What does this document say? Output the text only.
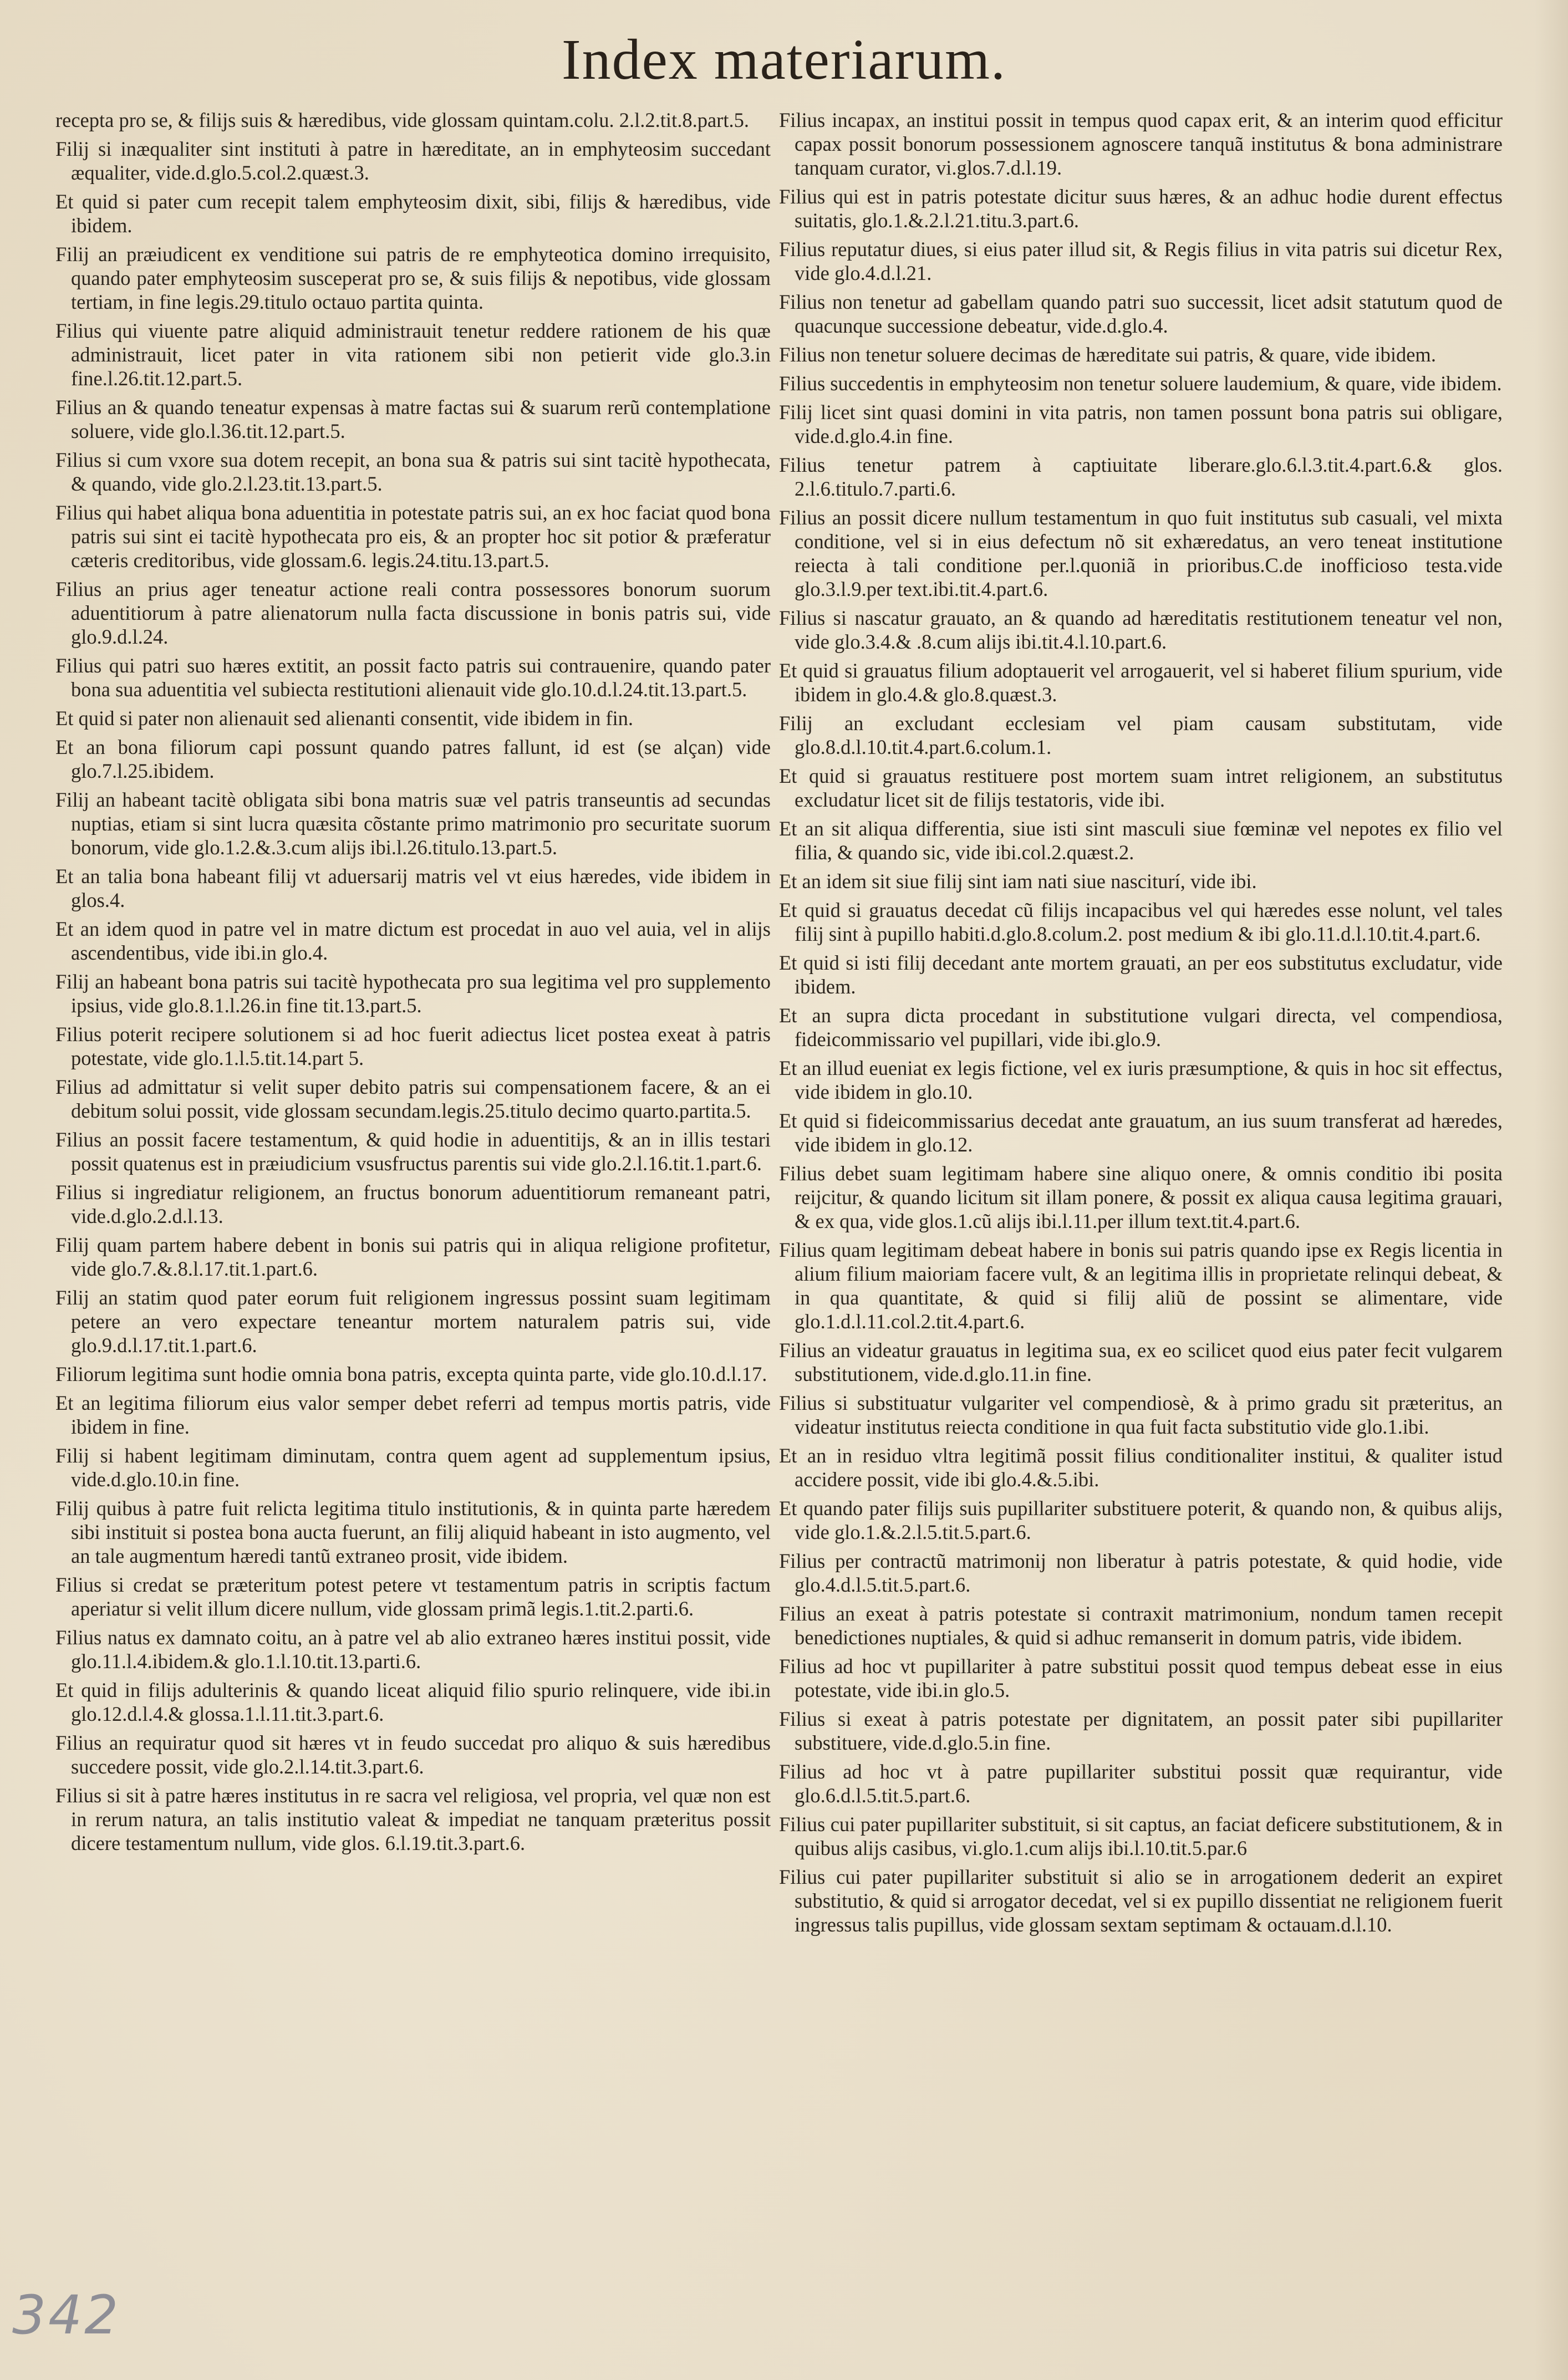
Index materiarum.

recepta pro se, & filijs suis & hæredibus, vide glossam quintam.colu. 2.l.2.tit.8.part.5.

Filij si inæqualiter sint instituti à patre in hæreditate, an in emphyteosim succedant æqualiter, vide.d.glo.5.col.2.quæst.3.

Et quid si pater cum recepit talem emphyteosim dixit, sibi, filijs & hæredibus, vide ibidem.

Filij an præiudicent ex venditione sui patris de re emphyteotica domino irrequisito, quando pater emphyteosim susceperat pro se, & suis filijs & nepotibus, vide glossam tertiam, in fine legis.29.titulo octauo partita quinta.

Filius qui viuente patre aliquid administrauit tenetur reddere rationem de his quæ administrauit, licet pater in vita rationem sibi non petierit vide glo.3.in fine.l.26.tit.12.part.5.

Filius an & quando teneatur expensas à matre factas sui & suarum rerũ contemplatione soluere, vide glo.l.36.tit.12.part.5.

Filius si cum vxore sua dotem recepit, an bona sua & patris sui sint tacitè hypothecata, & quando, vide glo.2.l.23.tit.13.part.5.

Filius qui habet aliqua bona aduentitia in potestate patris sui, an ex hoc faciat quod bona patris sui sint ei tacitè hypothecata pro eis, & an propter hoc sit potior & præferatur cæteris creditoribus, vide glossam.6. legis.24.titu.13.part.5.

Filius an prius ager teneatur actione reali contra possessores bonorum suorum aduentitiorum à patre alienatorum nulla facta discussione in bonis patris sui, vide glo.9.d.l.24.

Filius qui patri suo hæres extitit, an possit facto patris sui contrauenire, quando pater bona sua aduentitia vel subiecta restitutioni alienauit vide glo.10.d.l.24.tit.13.part.5.

Et quid si pater non alienauit sed alienanti consentit, vide ibidem in fin.

Et an bona filiorum capi possunt quando patres fallunt, id est (se alçan) vide glo.7.l.25.ibidem.

Filij an habeant tacitè obligata sibi bona matris suæ vel patris transeuntis ad secundas nuptias, etiam si sint lucra quæsita cõstante primo matrimonio pro securitate suorum bonorum, vide glo.1.2.&.3.cum alijs ibi.l.26.titulo.13.part.5.

Et an talia bona habeant filij vt aduersarij matris vel vt eius hæredes, vide ibidem in glos.4.

Et an idem quod in patre vel in matre dictum est procedat in auo vel auia, vel in alijs ascendentibus, vide ibi.in glo.4.

Filij an habeant bona patris sui tacitè hypothecata pro sua legitima vel pro supplemento ipsius, vide glo.8.1.l.26.in fine tit.13.part.5.

Filius poterit recipere solutionem si ad hoc fuerit adiectus licet postea exeat à patris potestate, vide glo.1.l.5.tit.14.part 5.

Filius ad admittatur si velit super debito patris sui compensationem facere, & an ei debitum solui possit, vide glossam secundam.legis.25.titulo decimo quarto.partita.5.

Filius an possit facere testamentum, & quid hodie in aduentitijs, & an in illis testari possit quatenus est in præiudicium vsusfructus parentis sui vide glo.2.l.16.tit.1.part.6.

Filius si ingrediatur religionem, an fructus bonorum aduentitiorum remaneant patri, vide.d.glo.2.d.l.13.

Filij quam partem habere debent in bonis sui patris qui in aliqua religione profitetur, vide glo.7.&.8.l.17.tit.1.part.6.

Filij an statim quod pater eorum fuit religionem ingressus possint suam legitimam petere an vero expectare teneantur mortem naturalem patris sui, vide glo.9.d.l.17.tit.1.part.6.

Filiorum legitima sunt hodie omnia bona patris, excepta quinta parte, vide glo.10.d.l.17.

Et an legitima filiorum eius valor semper debet referri ad tempus mortis patris, vide ibidem in fine.

Filij si habent legitimam diminutam, contra quem agent ad supplementum ipsius, vide.d.glo.10.in fine.

Filij quibus à patre fuit relicta legitima titulo institutionis, & in quinta parte hæredem sibi instituit si postea bona aucta fuerunt, an filij aliquid habeant in isto augmento, vel an tale augmentum hæredi tantũ extraneo prosit, vide ibidem.

Filius si credat se præteritum potest petere vt testamentum patris in scriptis factum aperiatur si velit illum dicere nullum, vide glossam primã legis.1.tit.2.parti.6.

Filius natus ex damnato coitu, an à patre vel ab alio extraneo hæres institui possit, vide glo.11.l.4.ibidem.& glo.1.l.10.tit.13.parti.6.

Et quid in filijs adulterinis & quando liceat aliquid filio spurio relinquere, vide ibi.in glo.12.d.l.4.& glossa.1.l.11.tit.3.part.6.

Filius an requiratur quod sit hæres vt in feudo succedat pro aliquo & suis hæredibus succedere possit, vide glo.2.l.14.tit.3.part.6.

Filius si sit à patre hæres institutus in re sacra vel religiosa, vel propria, vel quæ non est in rerum natura, an talis institutio valeat & impediat ne tanquam præteritus possit dicere testamentum nullum, vide glos. 6.l.19.tit.3.part.6.

Filius incapax, an institui possit in tempus quod capax erit, & an interim quod efficitur capax possit bonorum possessionem agnoscere tanquã institutus & bona administrare tanquam curator, vi.glos.7.d.l.19.

Filius qui est in patris potestate dicitur suus hæres, & an adhuc hodie durent effectus suitatis, glo.1.&.2.l.21.titu.3.part.6.

Filius reputatur diues, si eius pater illud sit, & Regis filius in vita patris sui dicetur Rex, vide glo.4.d.l.21.

Filius non tenetur ad gabellam quando patri suo successit, licet adsit statutum quod de quacunque successione debeatur, vide.d.glo.4.

Filius non tenetur soluere decimas de hæreditate sui patris, & quare, vide ibidem.

Filius succedentis in emphyteosim non tenetur soluere laudemium, & quare, vide ibidem.

Filij licet sint quasi domini in vita patris, non tamen possunt bona patris sui obligare, vide.d.glo.4.in fine.

Filius tenetur patrem à captiuitate liberare.glo.6.l.3.tit.4.part.6.& glos. 2.l.6.titulo.7.parti.6.

Filius an possit dicere nullum testamentum in quo fuit institutus sub casuali, vel mixta conditione, vel si in eius defectum nõ sit exhæredatus, an vero teneat institutione reiecta à tali conditione per.l.quoniã in prioribus.C.de inofficioso testa.vide glo.3.l.9.per text.ibi.tit.4.part.6.

Filius si nascatur grauato, an & quando ad hæreditatis restitutionem teneatur vel non, vide glo.3.4.& .8.cum alijs ibi.tit.4.l.10.part.6.

Et quid si grauatus filium adoptauerit vel arrogauerit, vel si haberet filium spurium, vide ibidem in glo.4.& glo.8.quæst.3.

Filij an excludant ecclesiam vel piam causam substitutam, vide glo.8.d.l.10.tit.4.part.6.colum.1.

Et quid si grauatus restituere post mortem suam intret religionem, an substitutus excludatur licet sit de filijs testatoris, vide ibi.

Et an sit aliqua differentia, siue isti sint masculi siue fœminæ vel nepotes ex filio vel filia, & quando sic, vide ibi.col.2.quæst.2.

Et an idem sit siue filij sint iam nati siue nasciturí, vide ibi.

Et quid si grauatus decedat cũ filijs incapacibus vel qui hæredes esse nolunt, vel tales filij sint à pupillo habiti.d.glo.8.colum.2. post medium & ibi glo.11.d.l.10.tit.4.part.6.

Et quid si isti filij decedant ante mortem grauati, an per eos substitutus excludatur, vide ibidem.

Et an supra dicta procedant in substitutione vulgari directa, vel compendiosa, fideicommissario vel pupillari, vide ibi.glo.9.

Et an illud eueniat ex legis fictione, vel ex iuris præsumptione, & quis in hoc sit effectus, vide ibidem in glo.10.

Et quid si fideicommissarius decedat ante grauatum, an ius suum transferat ad hæredes, vide ibidem in glo.12.

Filius debet suam legitimam habere sine aliquo onere, & omnis conditio ibi posita reijcitur, & quando licitum sit illam ponere, & possit ex aliqua causa legitima grauari, & ex qua, vide glos.1.cũ alijs ibi.l.11.per illum text.tit.4.part.6.

Filius quam legitimam debeat habere in bonis sui patris quando ipse ex Regis licentia in alium filium maioriam facere vult, & an legitima illis in proprietate relinqui debeat, & in qua quantitate, & quid si filij aliũ de possint se alimentare, vide glo.1.d.l.11.col.2.tit.4.part.6.

Filius an videatur grauatus in legitima sua, ex eo scilicet quod eius pater fecit vulgarem substitutionem, vide.d.glo.11.in fine.

Filius si substituatur vulgariter vel compendiosè, & à primo gradu sit præteritus, an videatur institutus reiecta conditione in qua fuit facta substitutio vide glo.1.ibi.

Et an in residuo vltra legitimã possit filius conditionaliter institui, & qualiter istud accidere possit, vide ibi glo.4.&.5.ibi.

Et quando pater filijs suis pupillariter substituere poterit, & quando non, & quibus alijs, vide glo.1.&.2.l.5.tit.5.part.6.

Filius per contractũ matrimonij non liberatur à patris potestate, & quid hodie, vide glo.4.d.l.5.tit.5.part.6.

Filius an exeat à patris potestate si contraxit matrimonium, nondum tamen recepit benedictiones nuptiales, & quid si adhuc remanserit in domum patris, vide ibidem.

Filius ad hoc vt pupillariter à patre substitui possit quod tempus debeat esse in eius potestate, vide ibi.in glo.5.

Filius si exeat à patris potestate per dignitatem, an possit pater sibi pupillariter substituere, vide.d.glo.5.in fine.

Filius ad hoc vt à patre pupillariter substitui possit quæ requirantur, vide glo.6.d.l.5.tit.5.part.6.

Filius cui pater pupillariter substituit, si sit captus, an faciat deficere substitutionem, & in quibus alijs casibus, vi.glo.1.cum alijs ibi.l.10.tit.5.par.6

Filius cui pater pupillariter substituit si alio se in arrogationem dederit an expiret substitutio, & quid si arrogator decedat, vel si ex pupillo dissentiat ne religionem fuerit ingressus talis pupillus, vide glossam sextam septimam & octauam.d.l.10.

342
